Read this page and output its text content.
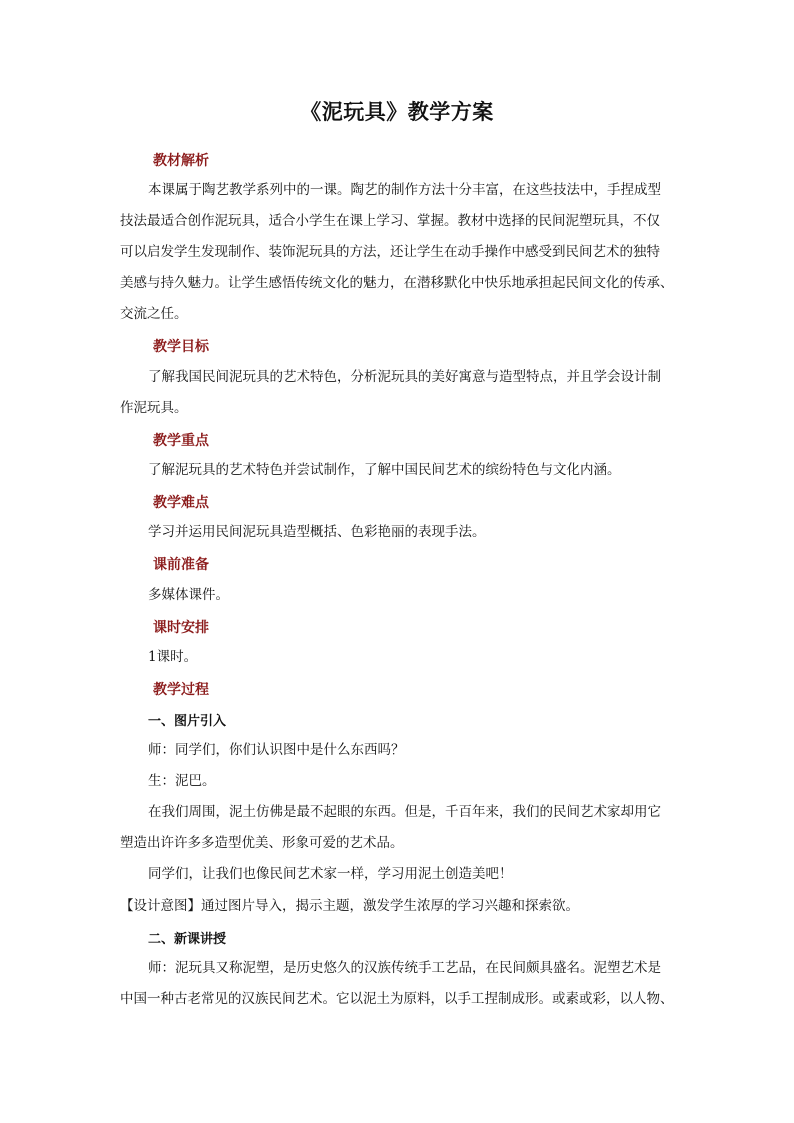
《泥玩具》教学方案
教材解析
本课属于陶艺教学系列中的一课。陶艺的制作方法十分丰富，在这些技法中，手捏成型
技法最适合创作泥玩具，适合小学生在课上学习、掌握。教材中选择的民间泥塑玩具，不仅
可以启发学生发现制作、装饰泥玩具的方法，还让学生在动手操作中感受到民间艺术的独特
美感与持久魅力。让学生感悟传统文化的魅力，在潜移默化中快乐地承担起民间文化的传承、
交流之任。
教学目标
了解我国民间泥玩具的艺术特色，分析泥玩具的美好寓意与造型特点，并且学会设计制
作泥玩具。
教学重点
了解泥玩具的艺术特色并尝试制作，了解中国民间艺术的缤纷特色与文化内涵。
教学难点
学习并运用民间泥玩具造型概括、色彩艳丽的表现手法。
课前准备
多媒体课件。
课时安排
1课时。
教学过程
一、图片引入
师：同学们，你们认识图中是什么东西吗？
生：泥巴。
在我们周围，泥土仿佛是最不起眼的东西。但是，千百年来，我们的民间艺术家却用它
塑造出许许多多造型优美、形象可爱的艺术品。
同学们，让我们也像民间艺术家一样，学习用泥土创造美吧！
【设计意图】通过图片导入，揭示主题，激发学生浓厚的学习兴趣和探索欲。
二、新课讲授
师：泥玩具又称泥塑，是历史悠久的汉族传统手工艺品，在民间颇具盛名。泥塑艺术是
中国一种古老常见的汉族民间艺术。它以泥土为原料，以手工捏制成形。或素或彩，以人物、
